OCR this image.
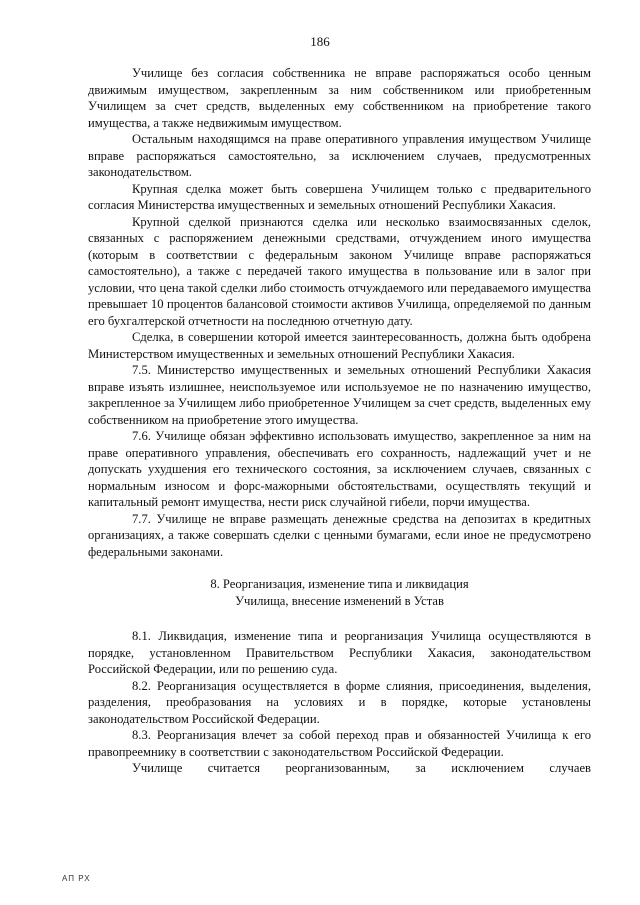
186

Училище без согласия собственника не вправе распоряжаться особо ценным движимым имуществом, закрепленным за ним собственником или приобретенным Училищем за счет средств, выделенных ему собственником на приобретение такого имущества, а также недвижимым имуществом.

Остальным находящимся на праве оперативного управления имуществом Училище вправе распоряжаться самостоятельно, за исключением случаев, предусмотренных законодательством.

Крупная сделка может быть совершена Училищем только с предварительного согласия Министерства имущественных и земельных отношений Республики Хакасия.

Крупной сделкой признаются сделка или несколько взаимосвязанных сделок, связанных с распоряжением денежными средствами, отчуждением иного имущества (которым в соответствии с федеральным законом Училище вправе распоряжаться самостоятельно), а также с передачей такого имущества в пользование или в залог при условии, что цена такой сделки либо стоимость отчуждаемого или передаваемого имущества превышает 10 процентов балансовой стоимости активов Училища, определяемой по данным его бухгалтерской отчетности на последнюю отчетную дату.

Сделка, в совершении которой имеется заинтересованность, должна быть одобрена Министерством имущественных и земельных отношений Республики Хакасия.

7.5. Министерство имущественных и земельных отношений Республики Хакасия вправе изъять излишнее, неиспользуемое или используемое не по назначению имущество, закрепленное за Училищем либо приобретенное Училищем за счет средств, выделенных ему собственником на приобретение этого имущества.

7.6. Училище обязан эффективно использовать имущество, закрепленное за ним на праве оперативного управления, обеспечивать его сохранность, надлежащий учет и не допускать ухудшения его технического состояния, за исключением случаев, связанных с нормальным износом и форс-мажорными обстоятельствами, осуществлять текущий и капитальный ремонт имущества, нести риск случайной гибели, порчи имущества.

7.7. Училище не вправе размещать денежные средства на депозитах в кредитных организациях, а также совершать сделки с ценными бумагами, если иное не предусмотрено федеральными законами.

8. Реорганизация, изменение типа и ликвидация
Училища, внесение изменений в Устав

8.1. Ликвидация, изменение типа и реорганизация Училища осуществляются в порядке, установленном Правительством Республики Хакасия, законодательством Российской Федерации, или по решению суда.

8.2. Реорганизация осуществляется в форме слияния, присоединения, выделения, разделения, преобразования на условиях и в порядке, которые установлены законодательством Российской Федерации.

8.3. Реорганизация влечет за собой переход прав и обязанностей Училища к его правопреемнику в соответствии с законодательством Российской Федерации.

Училище считается реорганизованным, за исключением случаев

АП РХ
